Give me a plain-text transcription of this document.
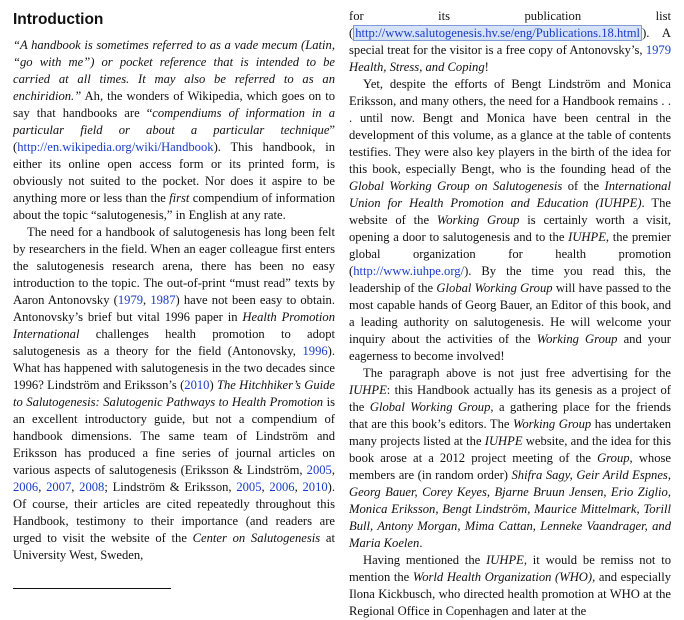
Introduction

“A handbook is sometimes referred to as a vade mecum (Latin, “go with me”) or pocket reference that is intended to be carried at all times. It may also be referred to as an enchiridion.” Ah, the wonders of Wikipedia, which goes on to say that handbooks are “compendiums of information in a particular field or about a particular technique” (http://en.wikipedia.org/wiki/Handbook). This handbook, in either its online open access form or its printed form, is obviously not suited to the pocket. Nor does it aspire to be anything more or less than the first compendium of information about the topic “salutogenesis,” in English at any rate.

The need for a handbook of salutogenesis has long been felt by researchers in the field. When an eager colleague first enters the salutogenesis research arena, there has been no easy introduction to the topic. The out-of-print “must read” texts by Aaron Antonovsky (1979, 1987) have not been easy to obtain. Antonovsky’s brief but vital 1996 paper in Health Promotion International challenges health promotion to adopt salutogenesis as a theory for the field (Antonovsky, 1996). What has happened with salutogenesis in the two decades since 1996? Lindström and Eriksson’s (2010) The Hitchhiker’s Guide to Salutogenesis: Salutogenic Pathways to Health Promotion is an excellent introductory guide, but not a compendium of handbook dimensions. The same team of Lindström and Eriksson has produced a fine series of journal articles on various aspects of salutogenesis (Eriksson & Lindström, 2005, 2006, 2007, 2008; Lindström & Eriksson, 2005, 2006, 2010). Of course, their articles are cited repeatedly throughout this Handbook, testimony to their importance (and readers are urged to visit the website of the Center on Salutogenesis at University West, Sweden,

for its publication list ( http://www.salutogenesis.hv.se/eng/Publications.18.html ). A special treat for the visitor is a free copy of Antonovsky’s, 1979 Health, Stress, and Coping!

Yet, despite the efforts of Bengt Lindström and Monica Eriksson, and many others, the need for a Handbook remains . . . until now. Bengt and Monica have been central in the development of this volume, as a glance at the table of contents testifies. They were also key players in the birth of the idea for this book, especially Bengt, who is the founding head of the Global Working Group on Salutogenesis of the International Union for Health Promotion and Education (IUHPE). The website of the Working Group is certainly worth a visit, opening a door to salutogenesis and to the IUHPE, the premier global organization for health promotion (http://www.iuhpe.org/). By the time you read this, the leadership of the Global Working Group will have passed to the most capable hands of Georg Bauer, an Editor of this book, and a leading authority on salutogenesis. He will welcome your inquiry about the activities of the Working Group and your eagerness to become involved!

The paragraph above is not just free advertising for the IUHPE: this Handbook actually has its genesis as a project of the Global Working Group, a gathering place for the friends that are this book’s editors. The Working Group has undertaken many projects listed at the IUHPE website, and the idea for this book arose at a 2012 project meeting of the Group, whose members are (in random order) Shifra Sagy, Geir Arild Espnes, Georg Bauer, Corey Keyes, Bjarne Bruun Jensen, Erio Ziglio, Monica Eriksson, Bengt Lindström, Maurice Mittelmark, Torill Bull, Antony Morgan, Mima Cattan, Lenneke Vaandrager, and Maria Koelen.

Having mentioned the IUHPE, it would be remiss not to mention the World Health Organization (WHO), and especially Ilona Kickbusch, who directed health promotion at WHO at the Regional Office in Copenhagen and later at the
